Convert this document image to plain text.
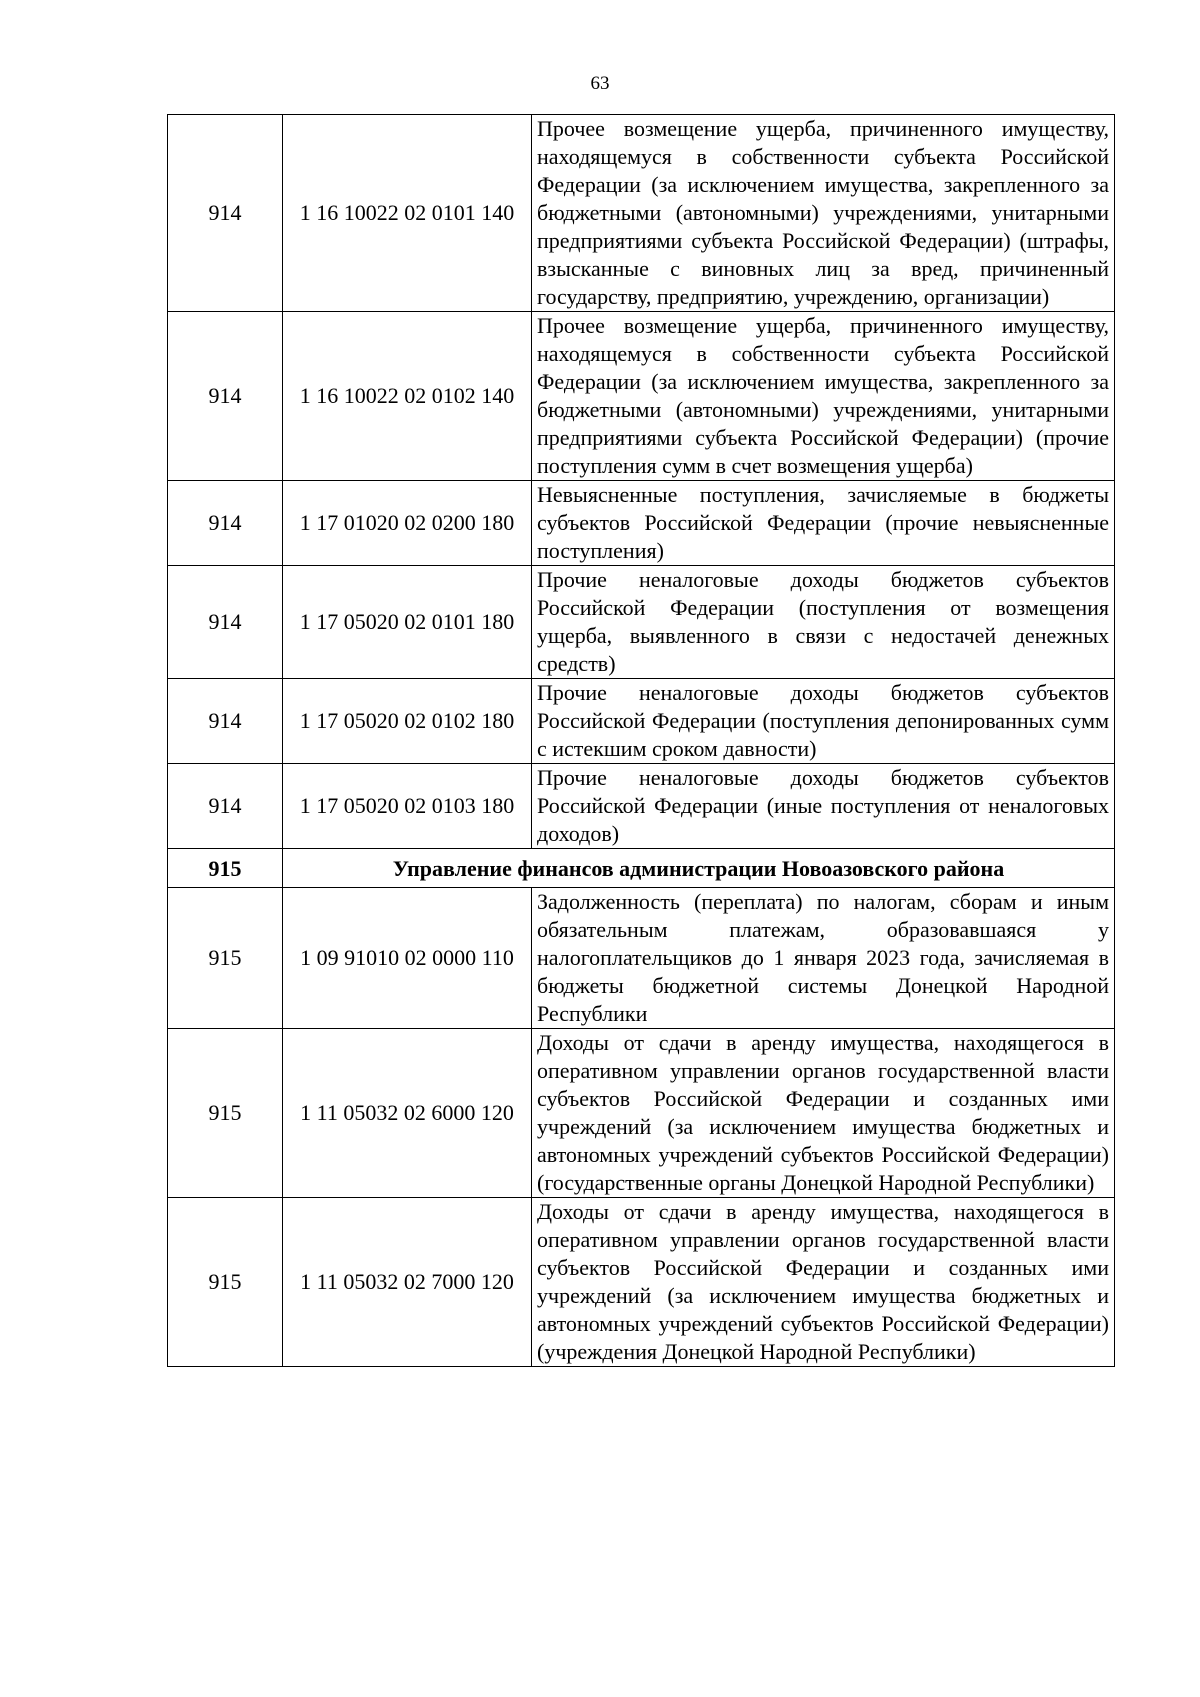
63
914	1 16 10022 02 0101 140	Прочее возмещение ущерба, причиненного имуществу, находящемуся в собственности субъекта Российской Федерации (за исключением имущества, закрепленного за бюджетными (автономными) учреждениями, унитарными предприятиями субъекта Российской Федерации) (штрафы, взысканные с виновных лиц за вред, причиненный государству, предприятию, учреждению, организации)
914	1 16 10022 02 0102 140	Прочее возмещение ущерба, причиненного имуществу, находящемуся в собственности субъекта Российской Федерации (за исключением имущества, закрепленного за бюджетными (автономными) учреждениями, унитарными предприятиями субъекта Российской Федерации) (прочие поступления сумм в счет возмещения ущерба)
914	1 17 01020 02 0200 180	Невыясненные поступления, зачисляемые в бюджеты субъектов Российской Федерации (прочие невыясненные поступления)
914	1 17 05020 02 0101 180	Прочие неналоговые доходы бюджетов субъектов Российской Федерации (поступления от возмещения ущерба, выявленного в связи с недостачей денежных средств)
914	1 17 05020 02 0102 180	Прочие неналоговые доходы бюджетов субъектов Российской Федерации (поступления депонированных сумм с истекшим сроком давности)
914	1 17 05020 02 0103 180	Прочие неналоговые доходы бюджетов субъектов Российской Федерации (иные поступления от неналоговых доходов)
915	Управление финансов администрации Новоазовского района	
915	1 09 91010 02 0000 110	Задолженность (переплата) по налогам, сборам и иным обязательным платежам, образовавшаяся у налогоплательщиков до 1 января 2023 года, зачисляемая в бюджеты бюджетной системы Донецкой Народной Республики
915	1 11 05032 02 6000 120	Доходы от сдачи в аренду имущества, находящегося в оперативном управлении органов государственной власти субъектов Российской Федерации и созданных ими учреждений (за исключением имущества бюджетных и автономных учреждений субъектов Российской Федерации) (государственные органы Донецкой Народной Республики)
915	1 11 05032 02 7000 120	Доходы от сдачи в аренду имущества, находящегося в оперативном управлении органов государственной власти субъектов Российской Федерации и созданных ими учреждений (за исключением имущества бюджетных и автономных учреждений субъектов Российской Федерации) (учреждения Донецкой Народной Республики)
